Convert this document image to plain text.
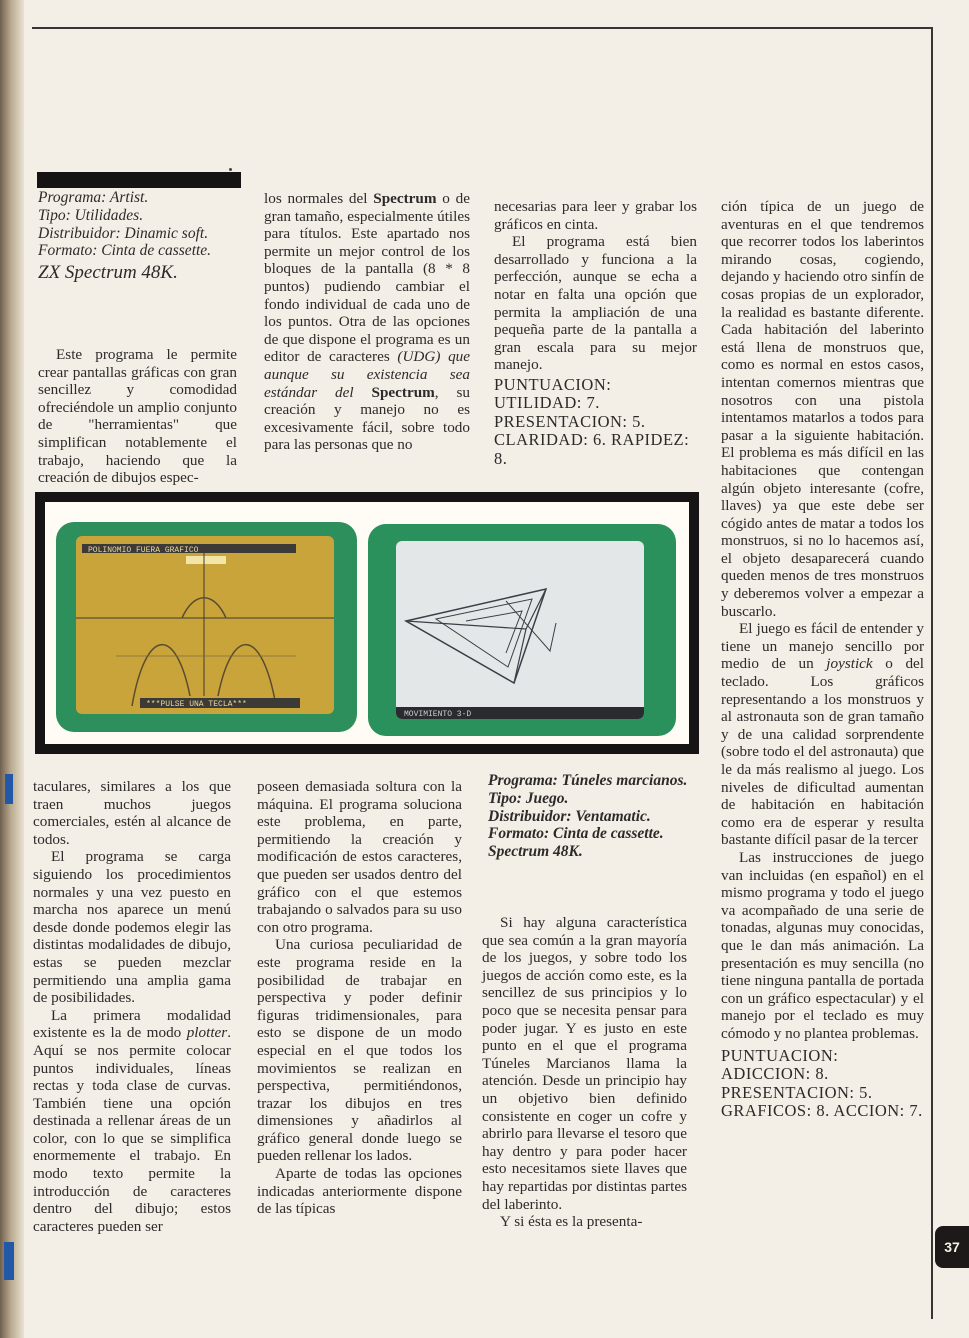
Programa: Artist.
Tipo: Utilidades.
Distribuidor: Dinamic soft.
Formato: Cinta de cassette.
ZX Spectrum 48K.

Este programa le permite crear pantallas gráficas con gran sencillez y comodidad ofreciéndole un amplio conjunto de "herramientas" que simplifican notablemente el trabajo, haciendo que la creación de dibujos espec-

los normales del Spectrum o de gran tamaño, especialmente útiles para títulos. Este apartado nos permite un mejor control de los bloques de la pantalla (8 * 8 puntos) pudiendo cambiar el fondo individual de cada uno de los puntos. Otra de las opciones de que dispone el programa es un editor de caracteres (UDG) que aunque su existencia sea estándar del Spectrum, su creación y manejo no es excesivamente fácil, sobre todo para las personas que no

necesarias para leer y grabar los gráficos en cinta.

El programa está bien desarrollado y funciona a la perfección, aunque se echa a notar en falta una opción que permita la ampliación de una pequeña parte de la pantalla a gran escala para su mejor manejo.

PUNTUACION: UTILIDAD: 7. PRESENTACION: 5. CLARIDAD: 6. RAPIDEZ: 8.

POLINOMIO FUERA GRAFICO
***PULSE UNA TECLA***
MOVIMIENTO 3-D

taculares, similares a los que traen muchos juegos comerciales, estén al alcance de todos.

El programa se carga siguiendo los procedimientos normales y una vez puesto en marcha nos aparece un menú desde donde podemos elegir las distintas modalidades de dibujo, estas se pueden mezclar permitiendo una amplia gama de posibilidades.

La primera modalidad existente es la de modo plotter. Aquí se nos permite colocar puntos individuales, líneas rectas y toda clase de curvas. También tiene una opción destinada a rellenar áreas de un color, con lo que se simplifica enormemente el trabajo. En modo texto permite la introducción de caracteres dentro del dibujo; estos caracteres pueden ser

poseen demasiada soltura con la máquina. El programa soluciona este problema, en parte, permitiendo la creación y modificación de estos caracteres, que pueden ser usados dentro del gráfico con el que estemos trabajando o salvados para su uso con otro programa.

Una curiosa peculiaridad de este programa reside en la posibilidad de trabajar en perspectiva y poder definir figuras tridimensionales, para esto se dispone de un modo especial en el que todos los movimientos se realizan en perspectiva, permitiéndonos, trazar los dibujos en tres dimensiones y añadirlos al gráfico general donde luego se pueden rellenar los lados.

Aparte de todas las opciones indicadas anteriormente dispone de las típicas

Programa: Túneles marcianos.
Tipo: Juego.
Distribuidor: Ventamatic.
Formato: Cinta de cassette.
Spectrum 48K.

Si hay alguna característica que sea común a la gran mayoría de los juegos, y sobre todo los juegos de acción como este, es la sencillez de sus principios y lo poco que se necesita pensar para poder jugar. Y es justo en este punto en el que el programa Túneles Marcianos llama la atención. Desde un principio hay un objetivo bien definido consistente en coger un cofre y abrirlo para llevarse el tesoro que hay dentro y para poder hacer esto necesitamos siete llaves que hay repartidas por distintas partes del laberinto.

Y si ésta es la presenta-

ción típica de un juego de aventuras en el que tendremos que recorrer todos los laberintos mirando cosas, cogiendo, dejando y haciendo otro sinfín de cosas propias de un explorador, la realidad es bastante diferente. Cada habitación del laberinto está llena de monstruos que, como es normal en estos casos, intentan comernos mientras que nosotros con una pistola intentamos matarlos a todos para pasar a la siguiente habitación. El problema es más difícil en las habitaciones que contengan algún objeto interesante (cofre, llaves) ya que este debe ser cógido antes de matar a todos los monstruos, si no lo hacemos así, el objeto desaparecerá cuando queden menos de tres monstruos y deberemos volver a empezar a buscarlo.

El juego es fácil de entender y tiene un manejo sencillo por medio de un joystick o del teclado. Los gráficos representando a los monstruos y al astronauta son de gran tamaño y de una calidad sorprendente (sobre todo el del astronauta) que le da más realismo al juego. Los niveles de dificultad aumentan de habitación en habitación como era de esperar y resulta bastante difícil pasar de la tercer

Las instrucciones de juego van incluidas (en español) en el mismo programa y todo el juego va acompañado de una serie de tonadas, algunas muy conocidas, que le dan más animación. La presentación es muy sencilla (no tiene ninguna pantalla de portada con un gráfico espectacular) y el manejo por el teclado es muy cómodo y no plantea problemas.

PUNTUACION: ADICCION: 8. PRESENTACION: 5. GRAFICOS: 8. ACCION: 7.

37
